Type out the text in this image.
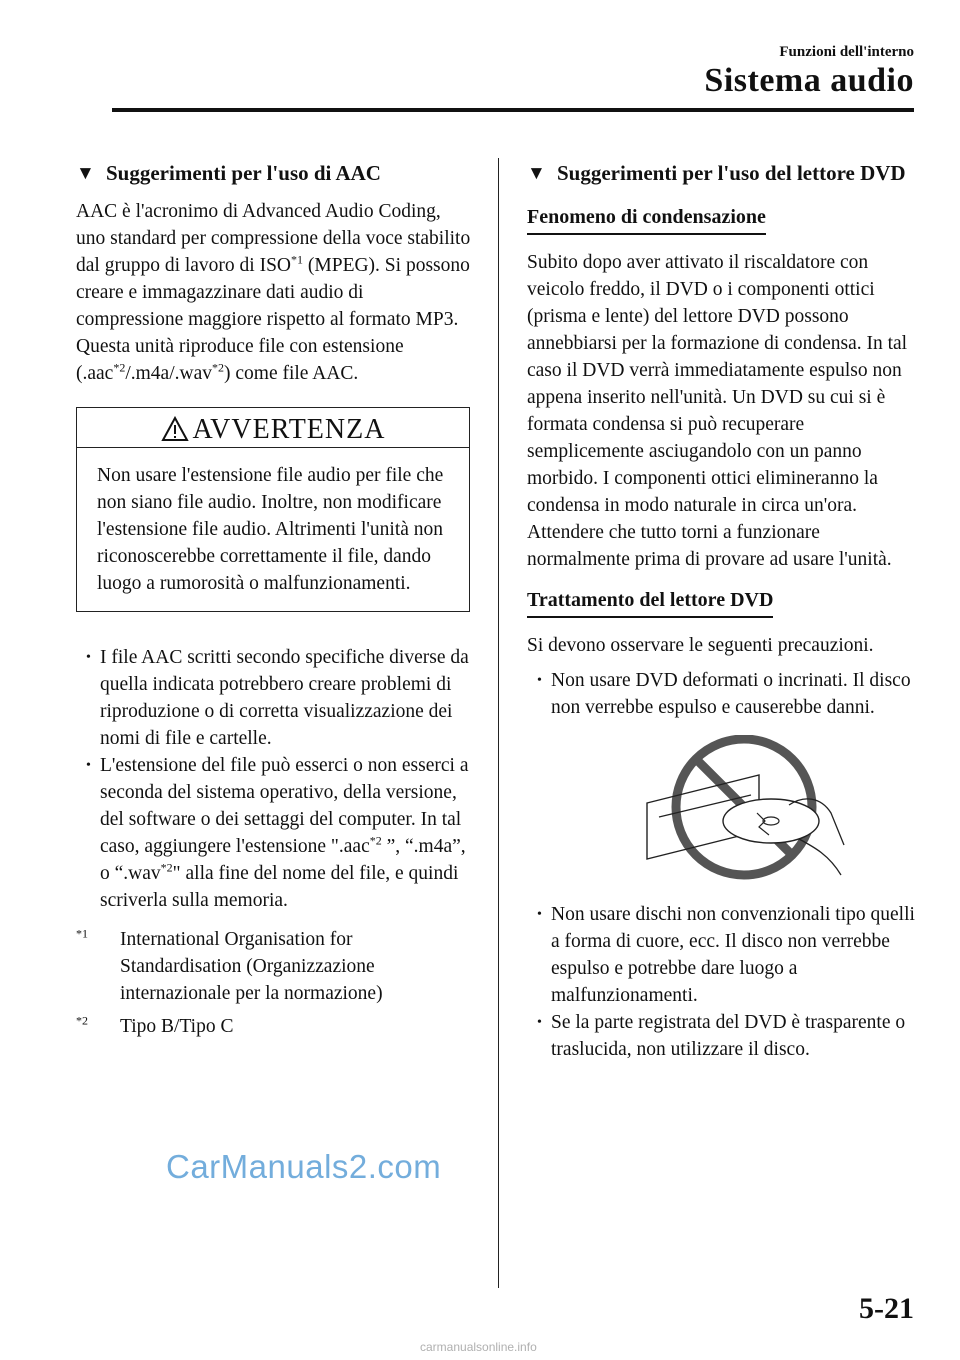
Funzioni dell'interno
Sistema audio
▼ Suggerimenti per l'uso di AAC

AAC è l'acronimo di Advanced Audio Coding, uno standard per compressione della voce stabilito dal gruppo di lavoro di ISO$^{*1}$ (MPEG). Si possono creare e immagazzinare dati audio di compressione maggiore rispetto al formato MP3.

Questa unità riproduce file con estensione (.aac$^{*2}$/.m4a/.wav$^{*2}$) come file AAC.

AVVERTENZA
Non usare l'estensione file audio per file che non siano file audio. Inoltre, non modificare l'estensione file audio. Altrimenti l'unità non riconoscerebbe correttamente il file, dando luogo a rumorosità o malfunzionamenti.
• I file AAC scritti secondo specifiche diverse da quella indicata potrebbero creare problemi di riproduzione o di corretta visualizzazione dei nomi di file e cartelle.
• L'estensione del file può esserci o non esserci a seconda del sistema operativo, della versione, del software o dei settaggi del computer. In tal caso, aggiungere l'estensione ".aac$^{*2}$ ”, “.m4a”, o “.wav$^{*2}$" alla fine del nome del file, e quindi scriverla sulla memoria.
$^{*1}$ International Organisation for Standardisation (Organizzazione internazionale per la normazione)
$^{*2}$ Tipo B/Tipo C
▼ Suggerimenti per l'uso del lettore DVD
Fenomeno di condensazione

Subito dopo aver attivato il riscaldatore con veicolo freddo, il DVD o i componenti ottici (prisma e lente) del lettore DVD possono annebbiarsi per la formazione di condensa. In tal caso il DVD verrà immediatamente espulso non appena inserito nell'unità. Un DVD su cui si è formata condensa si può recuperare semplicemente asciugandolo con un panno morbido. I componenti ottici elimineranno la condensa in modo naturale in circa un'ora. Attendere che tutto torni a funzionare normalmente prima di provare ad usare l'unità.

Trattamento del lettore DVD

Si devono osservare le seguenti precauzioni.

• Non usare DVD deformati o incrinati. Il disco non verrebbe espulso e causerebbe danni.
• Non usare dischi non convenzionali tipo quelli a forma di cuore, ecc. Il disco non verrebbe espulso e potrebbe dare luogo a malfunzionamenti.
• Se la parte registrata del DVD è trasparente o traslucida, non utilizzare il disco.
CarManuals2.com
5-21
carmanualsonline.info
